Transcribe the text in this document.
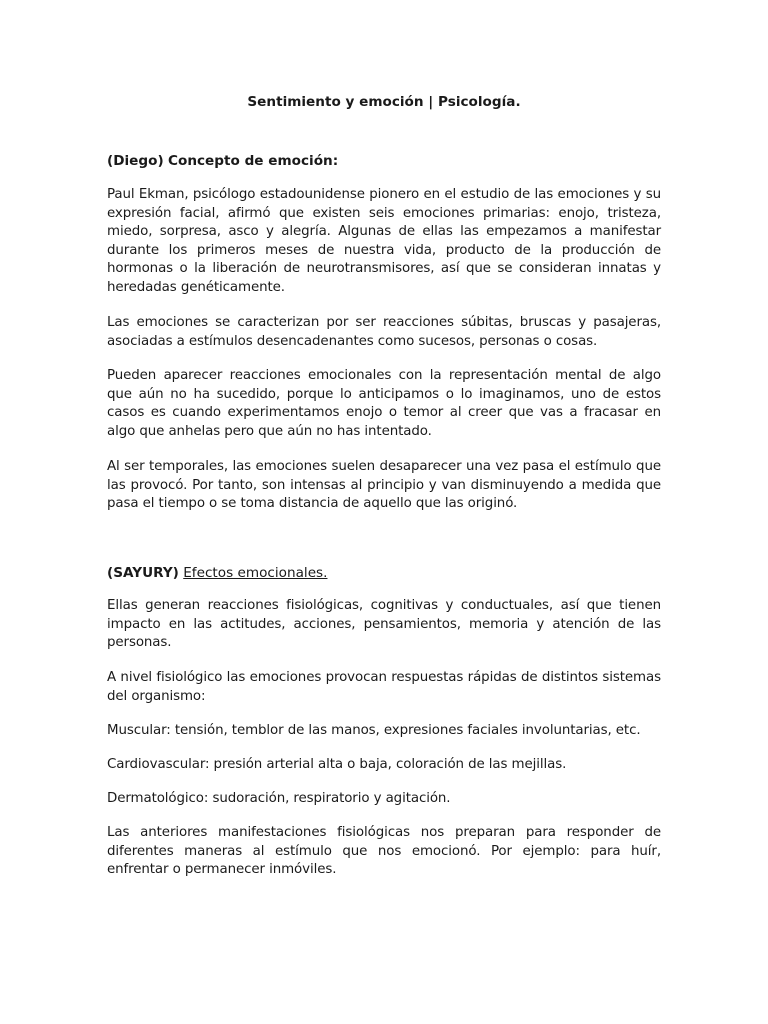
Sentimiento y emoción | Psicología.

(Diego) Concepto de emoción:

Paul Ekman, psicólogo estadounidense pionero en el estudio de las emociones y su expresión facial, afirmó que existen seis emociones primarias: enojo, tristeza, miedo, sorpresa, asco y alegría. Algunas de ellas las empezamos a manifestar durante los primeros meses de nuestra vida, producto de la producción de hormonas o la liberación de neurotransmisores, así que se consideran innatas y heredadas genéticamente.

Las emociones se caracterizan por ser reacciones súbitas, bruscas y pasajeras, asociadas a estímulos desencadenantes como sucesos, personas o cosas.

Pueden aparecer reacciones emocionales con la representación mental de algo que aún no ha sucedido, porque lo anticipamos o lo imaginamos, uno de estos casos es cuando experimentamos enojo o temor al creer que vas a fracasar en algo que anhelas pero que aún no has intentado.

Al ser temporales, las emociones suelen desaparecer una vez pasa el estímulo que las provocó. Por tanto, son intensas al principio y van disminuyendo a medida que pasa el tiempo o se toma distancia de aquello que las originó.

(SAYURY) Efectos emocionales.

Ellas generan reacciones fisiológicas, cognitivas y conductuales, así que tienen impacto en las actitudes, acciones, pensamientos, memoria y atención de las personas.

A nivel fisiológico las emociones provocan respuestas rápidas de distintos sistemas del organismo:

Muscular: tensión, temblor de las manos, expresiones faciales involuntarias, etc.

Cardiovascular: presión arterial alta o baja, coloración de las mejillas.

Dermatológico: sudoración, respiratorio y agitación.

Las anteriores manifestaciones fisiológicas nos preparan para responder de diferentes maneras al estímulo que nos emocionó. Por ejemplo: para huír, enfrentar o permanecer inmóviles.
